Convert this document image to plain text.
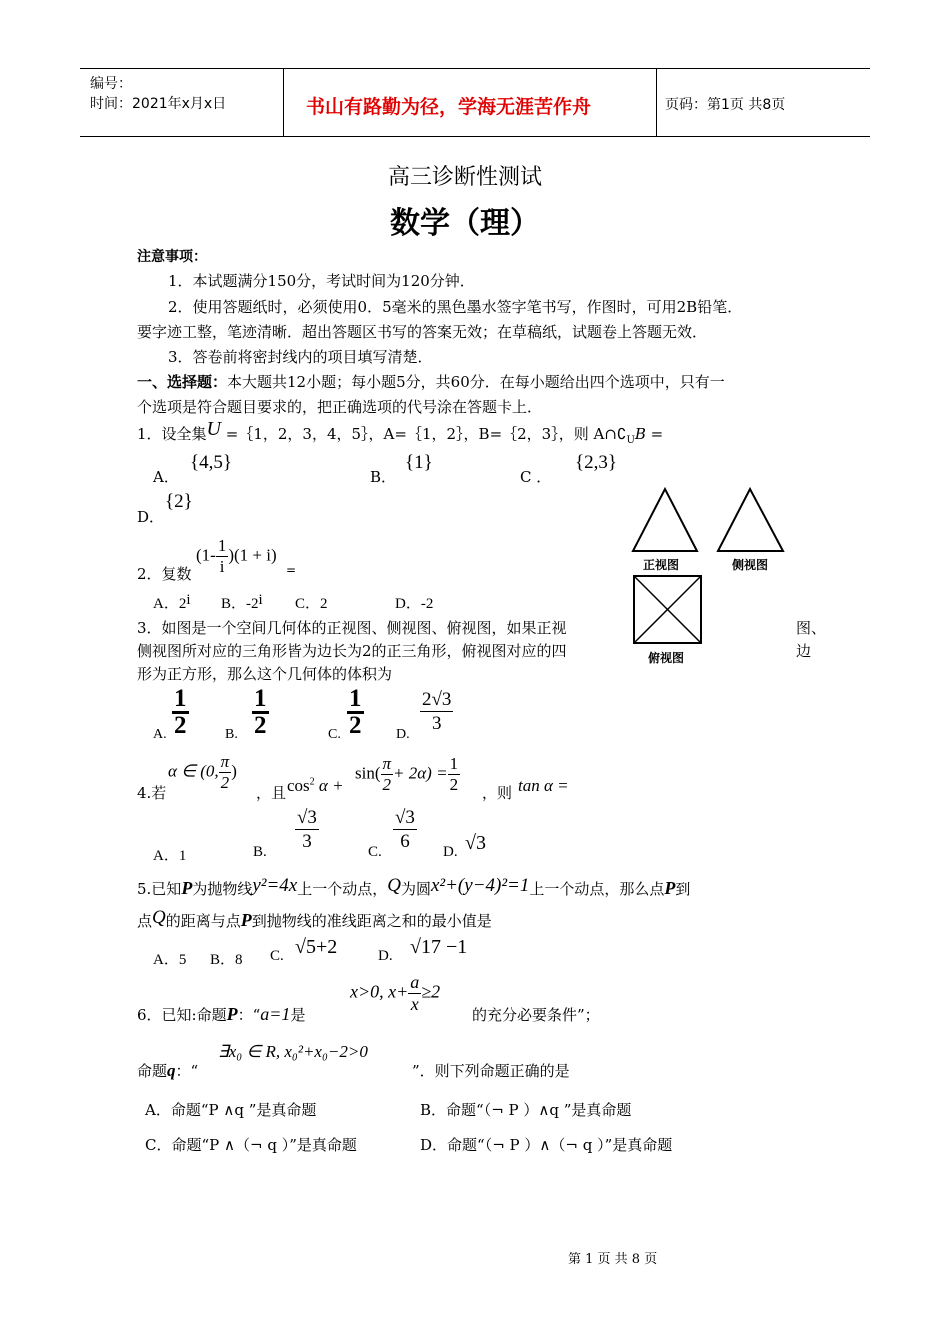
编号：
时间：2021年x月x日	书山有路勤为径，学海无涯苦作舟	页码：第1页 共8页
高三诊断性测试
数学（理）
注意事项：
1．本试题满分150分，考试时间为120分钟．
2．使用答题纸时，必须使用0．5毫米的黑色墨水签字笔书写，作图时，可用2B铅笔．
要字迹工整，笔迹清晰．超出答题区书写的答案无效；在草稿纸，试题卷上答题无效．
3．答卷前将密封线内的项目填写清楚．
一、选择题：本大题共12小题；每小题5分，共60分．在每小题给出四个选项中，只有一
个选项是符合题目要求的，把正确选项的代号涂在答题卡上．
1．设全集U =｛1，2，3，4，5｝，A=｛1，2｝，B=｛2，3｝，则 $A\cap∁_UB$ =
A．
{4,5}
B．
{1}
C ．
{2,3}
D．
{2}
正视图	侧视图
俯视图
$(1- \frac{1}{i} )(1 + i)$
2．复数	=
A．2i B．-2i C．2	D．-2
3．如图是一个空间几何体的正视图、侧视图、俯视图，如果正视	图、
侧视图所对应的三角形皆为边长为2的正三角形，俯视图对应的四	边
形为正方形，那么这个几何体的体积为
A. $\frac{1}{2}$	B. $\frac{1}{2}$	C. $\frac{1}{2} D$. $\frac{2√3}{3}$
4.若
α ∈ (0, $\frac{\pi}{2}$ )
，且 $\cos^2 \alpha$ +
$\sin( \frac{\pi}{2} + 2\alpha) = \frac{1}{2}$ ，则 tan α =
A．1	B. $\frac{√3}{3}$	C. $\frac{√3}{6} D$. √3
5.已知P为抛物线y²=4x上一个动点，Q为圆x²+(y−4)²=1上一个动点，那么点P到
点Q的距离与点P到抛物线的准线距离之和的最小值是
A．5 B．8 C. √5+2	D. √17 −1
6．已知:命题P：“a=1是
x>0, $x+ \frac{a}{x} \ge 2$
的充分必要条件”；
命题q：“
∃x₀ ∈ R, x₀²+x₀−2>0
”．则下列命题正确的是
A．命题“P ∧q ”是真命题	B．命题“（¬ P ）∧q ”是真命题
C．命题“P ∧（¬ q ）”是真命题	D．命题“（¬ P ）∧（¬ q ）”是真命题
第 1 页 共 8 页
